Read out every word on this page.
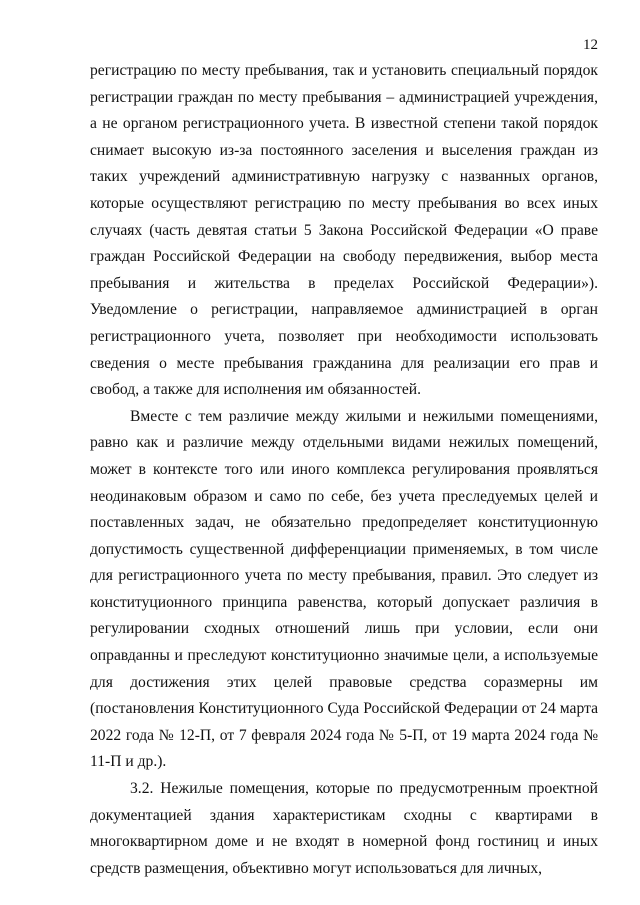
12

регистрацию по месту пребывания, так и установить специальный порядок регистрации граждан по месту пребывания – администрацией учреждения, а не органом регистрационного учета. В известной степени такой порядок снимает высокую из-за постоянного заселения и выселения граждан из таких учреждений административную нагрузку с названных органов, которые осуществляют регистрацию по месту пребывания во всех иных случаях (часть девятая статьи 5 Закона Российской Федерации «О праве граждан Российской Федерации на свободу передвижения, выбор места пребывания и жительства в пределах Российской Федерации»). Уведомление о регистрации, направляемое администрацией в орган регистрационного учета, позволяет при необходимости использовать сведения о месте пребывания гражданина для реализации его прав и свобод, а также для исполнения им обязанностей.

Вместе с тем различие между жилыми и нежилыми помещениями, равно как и различие между отдельными видами нежилых помещений, может в контексте того или иного комплекса регулирования проявляться неодинаковым образом и само по себе, без учета преследуемых целей и поставленных задач, не обязательно предопределяет конституционную допустимость существенной дифференциации применяемых, в том числе для регистрационного учета по месту пребывания, правил. Это следует из конституционного принципа равенства, который допускает различия в регулировании сходных отношений лишь при условии, если они оправданны и преследуют конституционно значимые цели, а используемые для достижения этих целей правовые средства соразмерны им (постановления Конституционного Суда Российской Федерации от 24 марта 2022 года № 12-П, от 7 февраля 2024 года № 5-П, от 19 марта 2024 года № 11-П и др.).

3.2. Нежилые помещения, которые по предусмотренным проектной документацией здания характеристикам сходны с квартирами в многоквартирном доме и не входят в номерной фонд гостиниц и иных средств размещения, объективно могут использоваться для личных,
